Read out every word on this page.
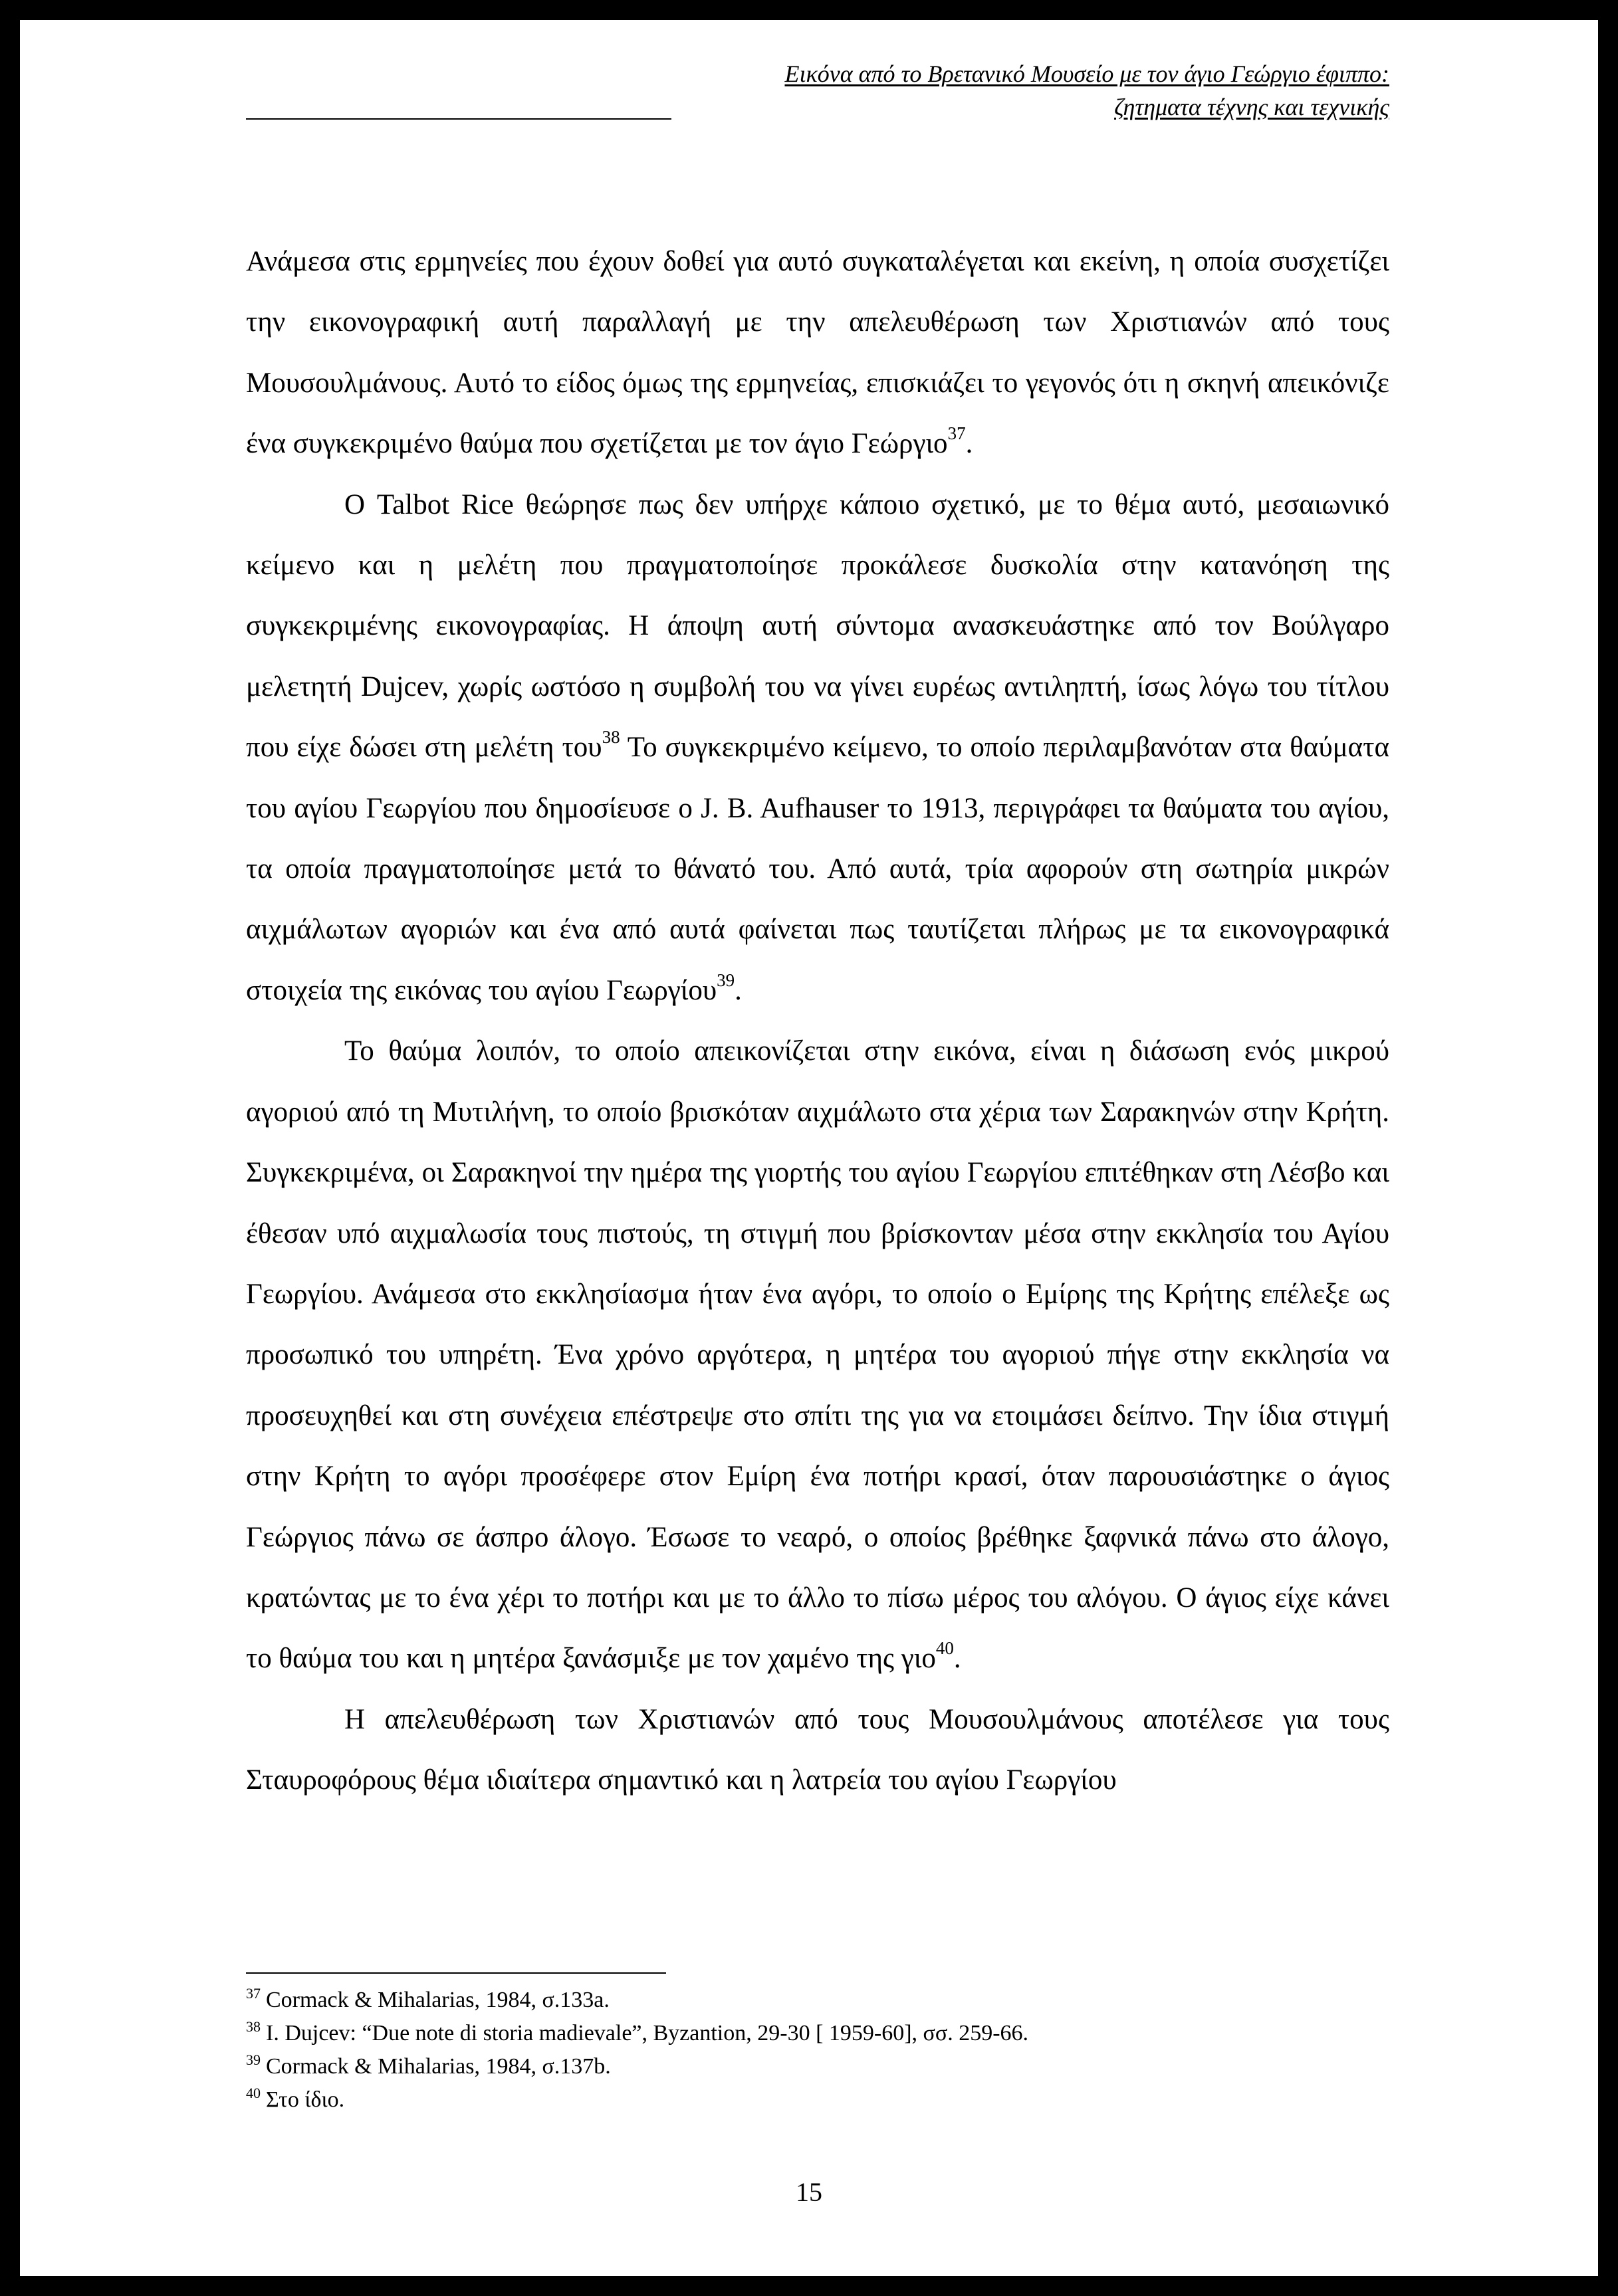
Εικόνα από το Βρετανικό Μουσείο με τον άγιο Γεώργιο έφιππο:
ζητηματα τέχνης και τεχνικής

Ανάμεσα στις ερμηνείες που έχουν δοθεί για αυτό συγκαταλέγεται και εκείνη, η οποία συσχετίζει την εικονογραφική αυτή παραλλαγή με την απελευθέρωση των Χριστιανών από τους Μουσουλμάνους. Αυτό το είδος όμως της ερμηνείας, επισκιάζει το γεγονός ότι η σκηνή απεικόνιζε ένα συγκεκριμένο θαύμα που σχετίζεται με τον άγιο Γεώργιο$^{37}$.

Ο Talbot Rice θεώρησε πως δεν υπήρχε κάποιο σχετικό, με το θέμα αυτό, μεσαιωνικό κείμενο και η μελέτη που πραγματοποίησε προκάλεσε δυσκολία στην κατανόηση της συγκεκριμένης εικονογραφίας. Η άποψη αυτή σύντομα ανασκευάστηκε από τον Βούλγαρο μελετητή Dujcev, χωρίς ωστόσο η συμβολή του να γίνει ευρέως αντιληπτή, ίσως λόγω του τίτλου που είχε δώσει στη μελέτη του$^{38}$ Το συγκεκριμένο κείμενο, το οποίο περιλαμβανόταν στα θαύματα του αγίου Γεωργίου που δημοσίευσε ο J. B. Aufhauser το 1913, περιγράφει τα θαύματα του αγίου, τα οποία πραγματοποίησε μετά το θάνατό του. Από αυτά, τρία αφορούν στη σωτηρία μικρών αιχμάλωτων αγοριών και ένα από αυτά φαίνεται πως ταυτίζεται πλήρως με τα εικονογραφικά στοιχεία της εικόνας του αγίου Γεωργίου$^{39}$.

Το θαύμα λοιπόν, το οποίο απεικονίζεται στην εικόνα, είναι η διάσωση ενός μικρού αγοριού από τη Μυτιλήνη, το οποίο βρισκόταν αιχμάλωτο στα χέρια των Σαρακηνών στην Κρήτη. Συγκεκριμένα, οι Σαρακηνοί την ημέρα της γιορτής του αγίου Γεωργίου επιτέθηκαν στη Λέσβο και έθεσαν υπό αιχμαλωσία τους πιστούς, τη στιγμή που βρίσκονταν μέσα στην εκκλησία του Αγίου Γεωργίου. Ανάμεσα στο εκκλησίασμα ήταν ένα αγόρι, το οποίο ο Εμίρης της Κρήτης επέλεξε ως προσωπικό του υπηρέτη. Ένα χρόνο αργότερα, η μητέρα του αγοριού πήγε στην εκκλησία να προσευχηθεί και στη συνέχεια επέστρεψε στο σπίτι της για να ετοιμάσει δείπνο. Την ίδια στιγμή στην Κρήτη το αγόρι προσέφερε στον Εμίρη ένα ποτήρι κρασί, όταν παρουσιάστηκε ο άγιος Γεώργιος πάνω σε άσπρο άλογο. Έσωσε το νεαρό, ο οποίος βρέθηκε ξαφνικά πάνω στο άλογο, κρατώντας με το ένα χέρι το ποτήρι και με το άλλο το πίσω μέρος του αλόγου. Ο άγιος είχε κάνει το θαύμα του και η μητέρα ξανάσμιξε με τον χαμένο της γιο$^{40}$.

Η απελευθέρωση των Χριστιανών από τους Μουσουλμάνους αποτέλεσε για τους Σταυροφόρους θέμα ιδιαίτερα σημαντικό και η λατρεία του αγίου Γεωργίου

$^{37}$ Cormack & Mihalarias, 1984, σ.133a.
$^{38}$ I. Dujcev: “Due note di storia madievale”, Byzantion, 29-30 [ 1959-60], σσ. 259-66.
$^{39}$ Cormack & Mihalarias, 1984, σ.137b.
$^{40}$ Στο ίδιο.
15
